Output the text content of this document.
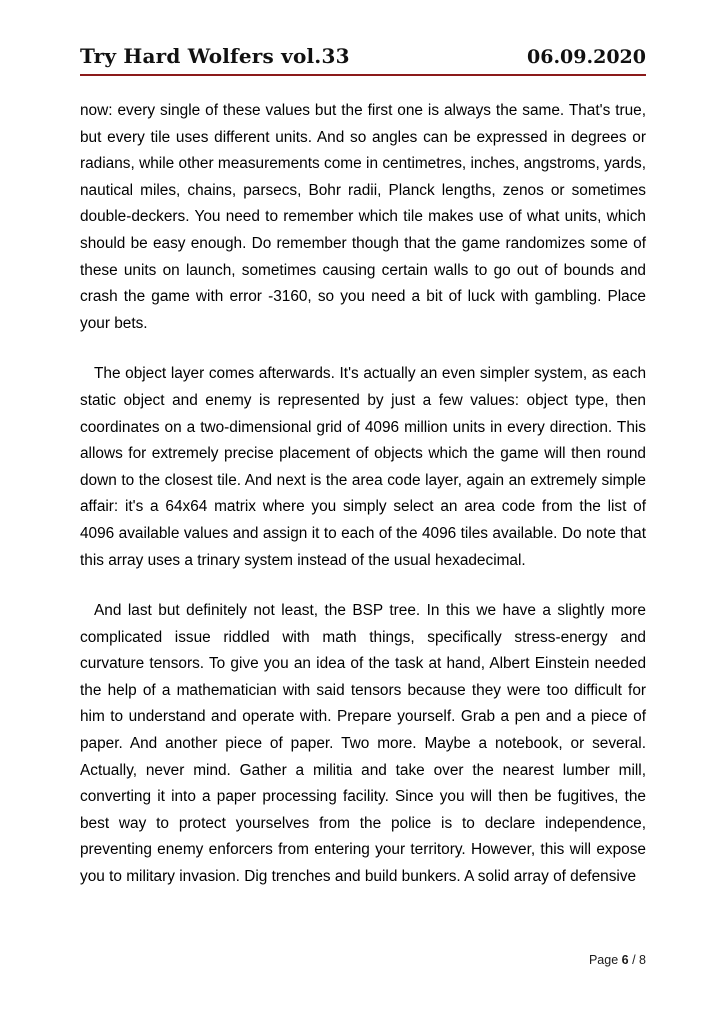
Try Hard Wolfers vol.33	06.09.2020

now: every single of these values but the first one is always the same. That's true, but every tile uses different units. And so angles can be expressed in degrees or radians, while other measurements come in centimetres, inches, angstroms, yards, nautical miles, chains, parsecs, Bohr radii, Planck lengths, zenos or sometimes double-deckers. You need to remember which tile makes use of what units, which should be easy enough. Do remember though that the game randomizes some of these units on launch, sometimes causing certain walls to go out of bounds and crash the game with error -3160, so you need a bit of luck with gambling. Place your bets.

The object layer comes afterwards. It's actually an even simpler system, as each static object and enemy is represented by just a few values: object type, then coordinates on a two-dimensional grid of 4096 million units in every direction. This allows for extremely precise placement of objects which the game will then round down to the closest tile. And next is the area code layer, again an extremely simple affair: it's a 64x64 matrix where you simply select an area code from the list of 4096 available values and assign it to each of the 4096 tiles available. Do note that this array uses a trinary system instead of the usual hexadecimal.

And last but definitely not least, the BSP tree. In this we have a slightly more complicated issue riddled with math things, specifically stress-energy and curvature tensors. To give you an idea of the task at hand, Albert Einstein needed the help of a mathematician with said tensors because they were too difficult for him to understand and operate with. Prepare yourself. Grab a pen and a piece of paper. And another piece of paper. Two more. Maybe a notebook, or several. Actually, never mind. Gather a militia and take over the nearest lumber mill, converting it into a paper processing facility. Since you will then be fugitives, the best way to protect yourselves from the police is to declare independence, preventing enemy enforcers from entering your territory. However, this will expose you to military invasion. Dig trenches and build bunkers. A solid array of defensive

Page 6 / 8
